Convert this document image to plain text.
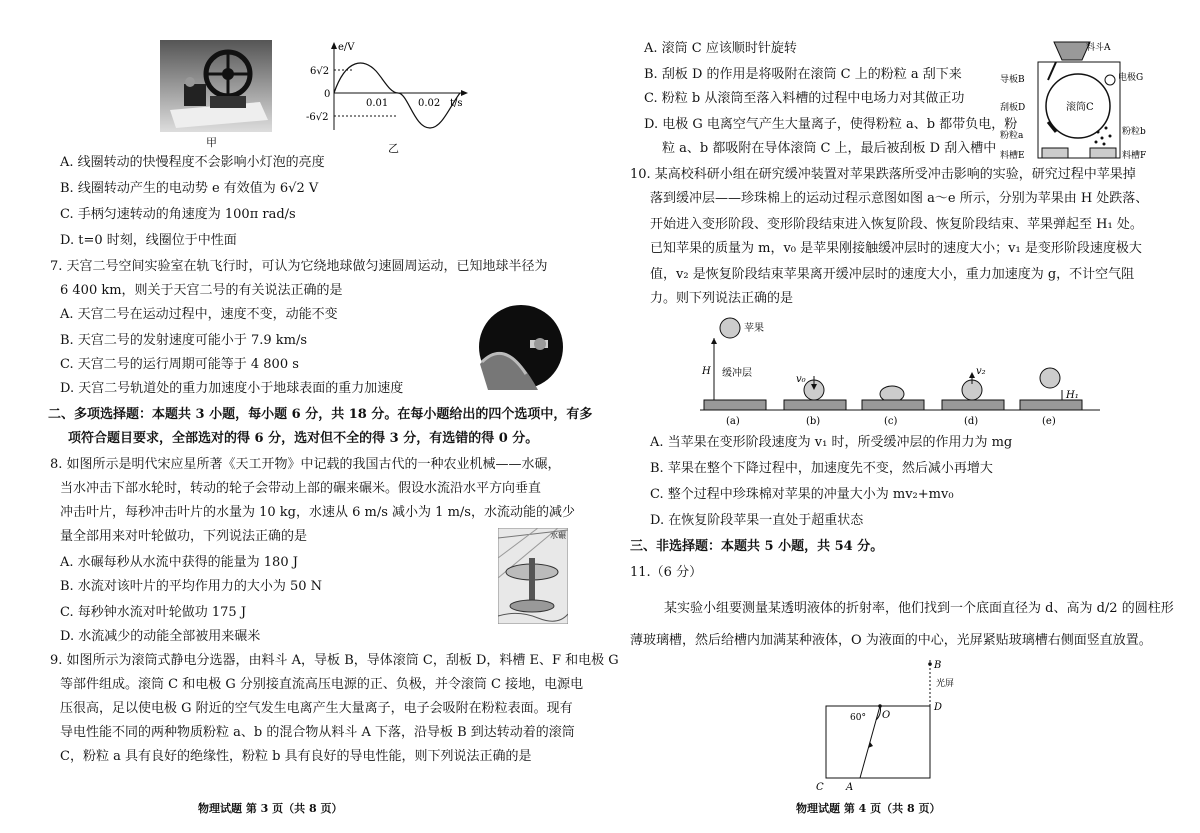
甲
e/V
t/s
6√2
-6√2
0
0.01	0.02
乙
A. 线圈转动的快慢程度不会影响小灯泡的亮度
B. 线圈转动产生的电动势 e 有效值为 6√2 V
C. 手柄匀速转动的角速度为 100π rad/s
D. t=0 时刻，线圈位于中性面
7. 天宫二号空间实验室在轨飞行时，可认为它绕地球做匀速圆周运动，已知地球半径为
6 400 km，则关于天宫二号的有关说法正确的是
A. 天宫二号在运动过程中，速度不变，动能不变
B. 天宫二号的发射速度可能小于 7.9 km/s
C. 天宫二号的运行周期可能等于 4 800 s
D. 天宫二号轨道处的重力加速度小于地球表面的重力加速度
二、多项选择题：本题共 3 小题，每小题 6 分，共 18 分。在每小题给出的四个选项中，有多
项符合题目要求，全部选对的得 6 分，选对但不全的得 3 分，有选错的得 0 分。
8. 如图所示是明代宋应星所著《天工开物》中记载的我国古代的一种农业机械——水碾，
当水冲击下部水轮时，转动的轮子会带动上部的碾来碾米。假设水流沿水平方向垂直
冲击叶片，每秒冲击叶片的水量为 10 kg，水速从 6 m/s 减小为 1 m/s，水流动能的减少
量全部用来对叶轮做功，下列说法正确的是
A. 水碾每秒从水流中获得的能量为 180 J
B. 水流对该叶片的平均作用力的大小为 50 N
C. 每秒钟水流对叶轮做功 175 J
D. 水流减少的动能全部被用来碾米
水碾
9. 如图所示为滚筒式静电分选器，由料斗 A，导板 B，导体滚筒 C，刮板 D，料槽 E、F 和电极 G
等部件组成。滚筒 C 和电极 G 分别接直流高压电源的正、负极，并令滚筒 C 接地，电源电
压很高，足以使电极 G 附近的空气发生电离产生大量离子，电子会吸附在粉粒表面。现有
导电性能不同的两种物质粉粒 a、b 的混合物从料斗 A 下落，沿导板 B 到达转动着的滚筒
C，粉粒 a 具有良好的绝缘性，粉粒 b 具有良好的导电性能，则下列说法正确的是
物理试题 第 3 页（共 8 页）
A. 滚筒 C 应该顺时针旋转
B. 刮板 D 的作用是将吸附在滚筒 C 上的粉粒 a 刮下来
C. 粉粒 b 从滚筒至落入料槽的过程中电场力对其做正功
D. 电极 G 电离空气产生大量离子，使得粉粒 a、b 都带负电，粉
粒 a、b 都吸附在导体滚筒 C 上，最后被刮板 D 刮入槽中
料斗A
电极G
导板B
刮板D	滚筒C
粉粒a	粉粒b
料槽E	料槽F
10. 某高校科研小组在研究缓冲装置对苹果跌落所受冲击影响的实验，研究过程中苹果掉
落到缓冲层——珍珠棉上的运动过程示意图如图 a～e 所示，分别为苹果由 H 处跌落、
开始进入变形阶段、变形阶段结束进入恢复阶段、恢复阶段结束、苹果弹起至 H₁ 处。
已知苹果的质量为 m，v₀ 是苹果刚接触缓冲层时的速度大小；v₁ 是变形阶段速度极大
值，v₂ 是恢复阶段结束苹果离开缓冲层时的速度大小，重力加速度为 g，不计空气阻
力。则下列说法正确的是
苹果
缓冲层
H
v₀
v₂
H₁
(a)	(b)	(c)	(d)	(e)
A. 当苹果在变形阶段速度为 v₁ 时，所受缓冲层的作用力为 mg
B. 苹果在整个下降过程中，加速度先不变，然后减小再增大
C. 整个过程中珍珠棉对苹果的冲量大小为 mv₂+mv₀
D. 在恢复阶段苹果一直处于超重状态
三、非选择题：本题共 5 小题，共 54 分。
11.（6 分）
某实验小组要测量某透明液体的折射率，他们找到一个底面直径为 d、高为 d/2 的圆柱形
薄玻璃槽，然后给槽内加满某种液体，O 为液面的中心，光屏紧贴玻璃槽右侧面竖直放置。
B
光屏
D
O
60°
C A
物理试题 第 4 页（共 8 页）
